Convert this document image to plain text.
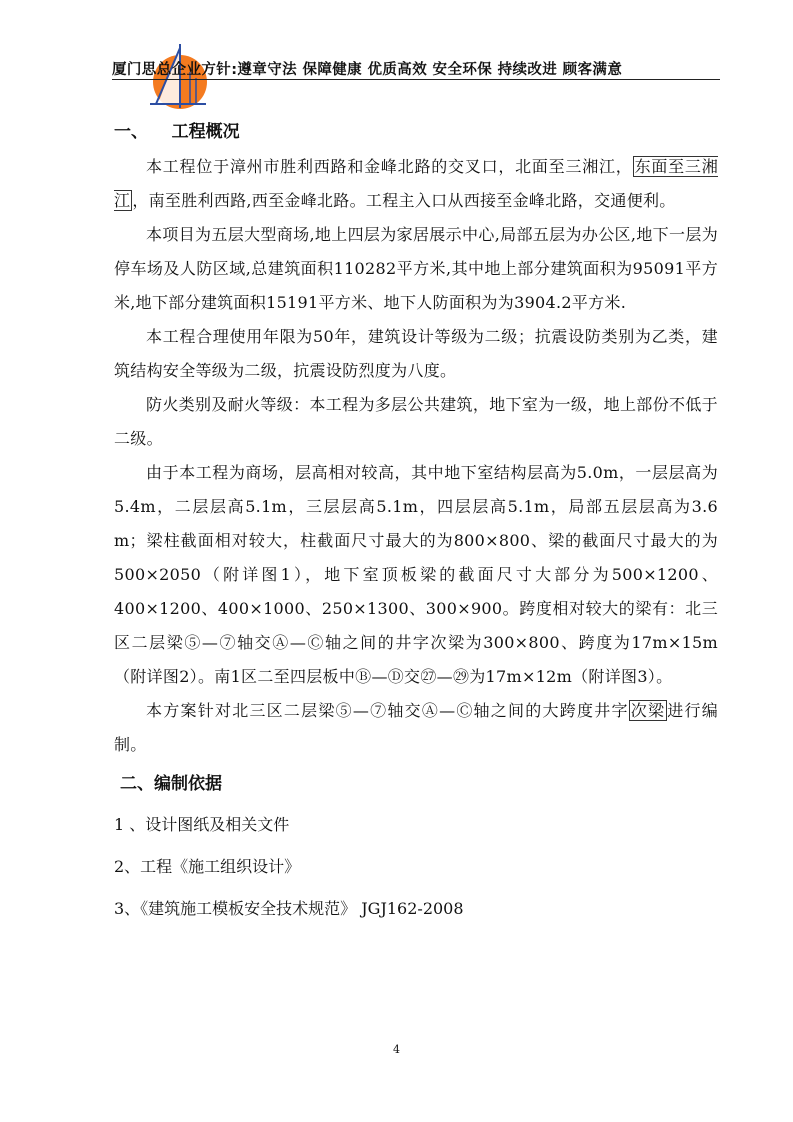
厦门思总企业方针:遵章守法 保障健康 优质高效 安全环保 持续改进 顾客满意
一、    工程概况

本工程位于漳州市胜利西路和金峰北路的交叉口，北面至三湘江， 东面至三湘江 ，南至胜利西路,西至金峰北路。工程主入口从西接至金峰北路，交通便利。

本项目为五层大型商场,地上四层为家居展示中心,局部五层为办公区,地下一层为停车场及人防区域,总建筑面积110282平方米,其中地上部分建筑面积为95091平方米,地下部分建筑面积15191平方米、地下人防面积为为3904.2平方米.

本工程合理使用年限为50年，建筑设计等级为二级；抗震设防类别为乙类，建筑结构安全等级为二级，抗震设防烈度为八度。

防火类别及耐火等级：本工程为多层公共建筑，地下室为一级，地上部份不低于二级。

由于本工程为商场，层高相对较高，其中地下室结构层高为5.0m，一层层高为5.4m，二层层高5.1m，三层层高5.1m，四层层高5.1m，局部五层层高为3.6 m；梁柱截面相对较大，柱截面尺寸最大的为800×800、梁的截面尺寸最大的为500×2050（附详图1），地下室顶板梁的截面尺寸大部分为500×1200、400×1200、400×1000、250×1300、300×900。跨度相对较大的梁有：北三区二层梁⑤—⑦轴交Ⓐ—Ⓒ轴之间的井字次梁为300×800、跨度为17m×15m （附详图2）。南1区二至四层板中Ⓑ—Ⓓ交㉗—㉙为17m×12m（附详图3）。

本方案针对北三区二层梁⑤—⑦轴交Ⓐ—Ⓒ轴之间的大跨度井字 次梁 进行编制。

二、编制依据
1 、设计图纸及相关文件
2、工程《施工组织设计》
3、《建筑施工模板安全技术规范》 JGJ162-2008
4
